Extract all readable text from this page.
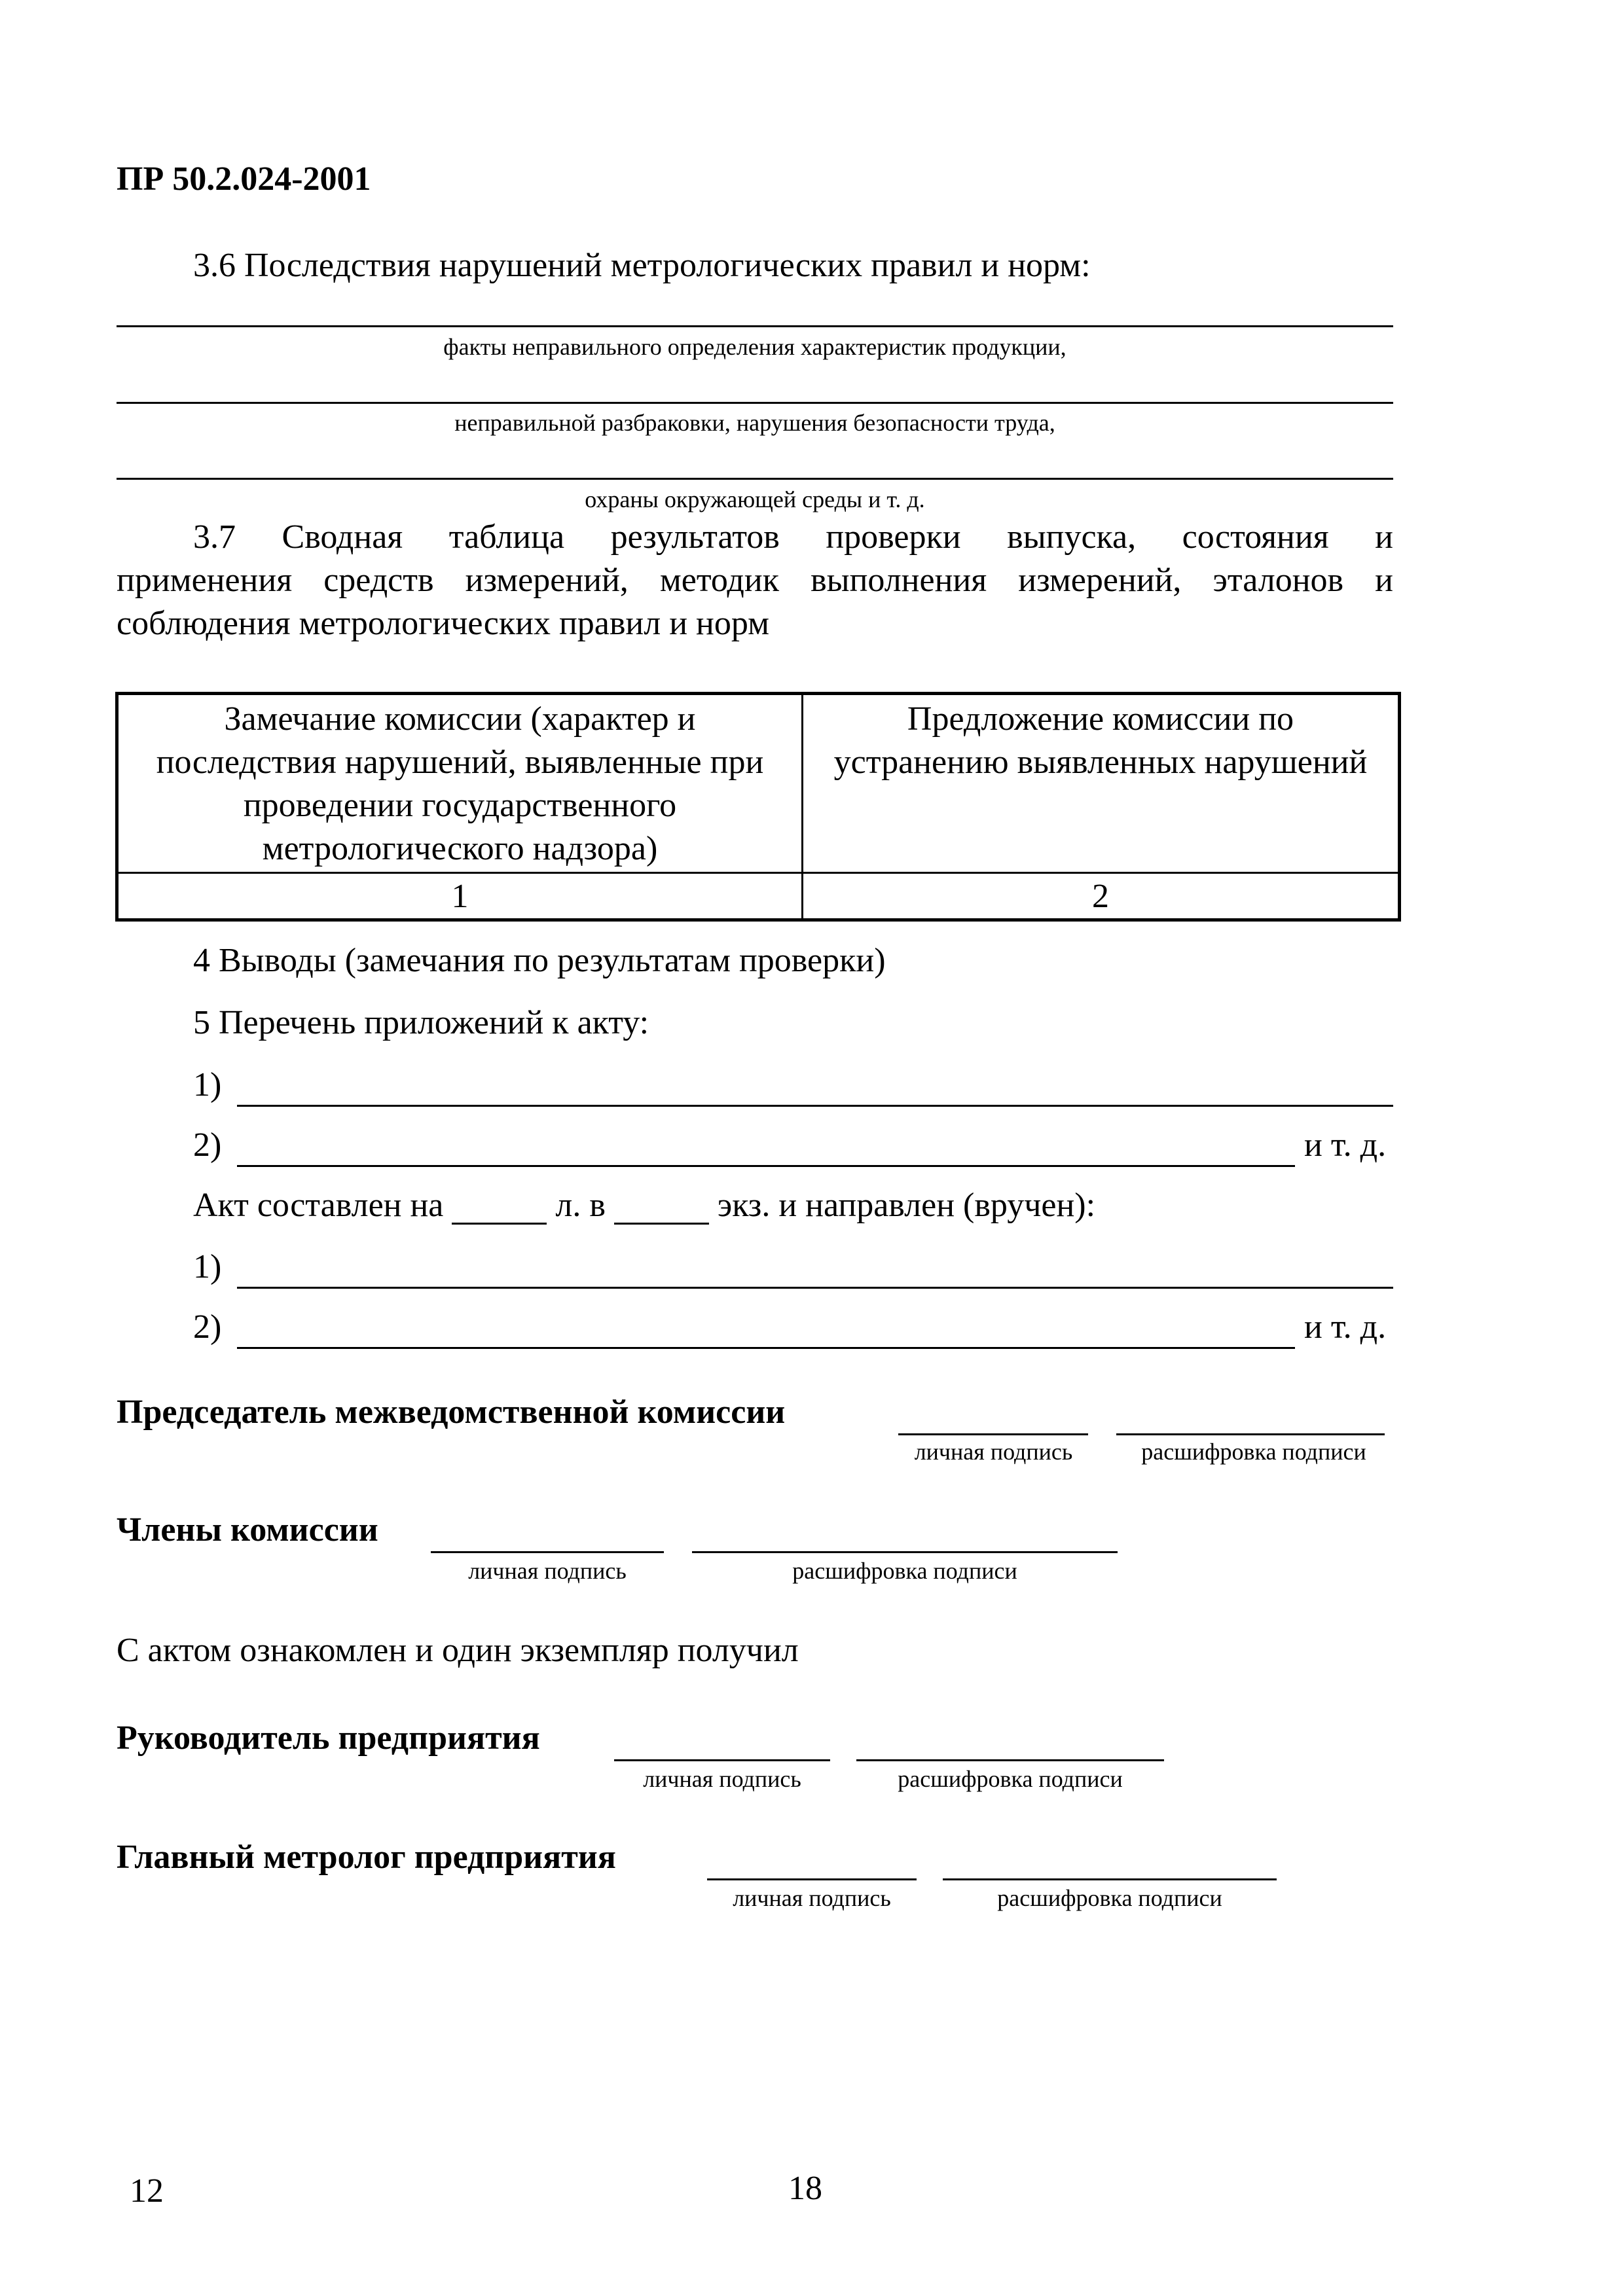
ПР 50.2.024-2001
3.6 Последствия нарушений метрологических правил и норм:
факты неправильного определения характеристик продукции,
неправильной разбраковки, нарушения безопасности труда,
охраны окружающей среды и т. д.
3.7 Сводная таблица результатов проверки выпуска, состояния и
применения средств измерений, методик выполнения измерений, эталонов и
соблюдения метрологических правил и норм
Замечание комиссии (характер и последствия нарушений, выявленные при проведении государственного метрологического надзора)	Предложение комиссии по устранению выявленных нарушений
1	2
4 Выводы (замечания по результатам проверки)
5 Перечень приложений к акту:
1)
2)	и т. д.
Акт составлен на	л. в	экз. и направлен (вручен):
1)
2)	и т. д.
Председатель межведомственной комиссии
личная подпись	расшифровка подписи
Члены комиссии
личная подпись	расшифровка подписи
С актом ознакомлен и один экземпляр получил
Руководитель предприятия
личная подпись	расшифровка подписи
Главный метролог предприятия
личная подпись	расшифровка подписи
12	18
